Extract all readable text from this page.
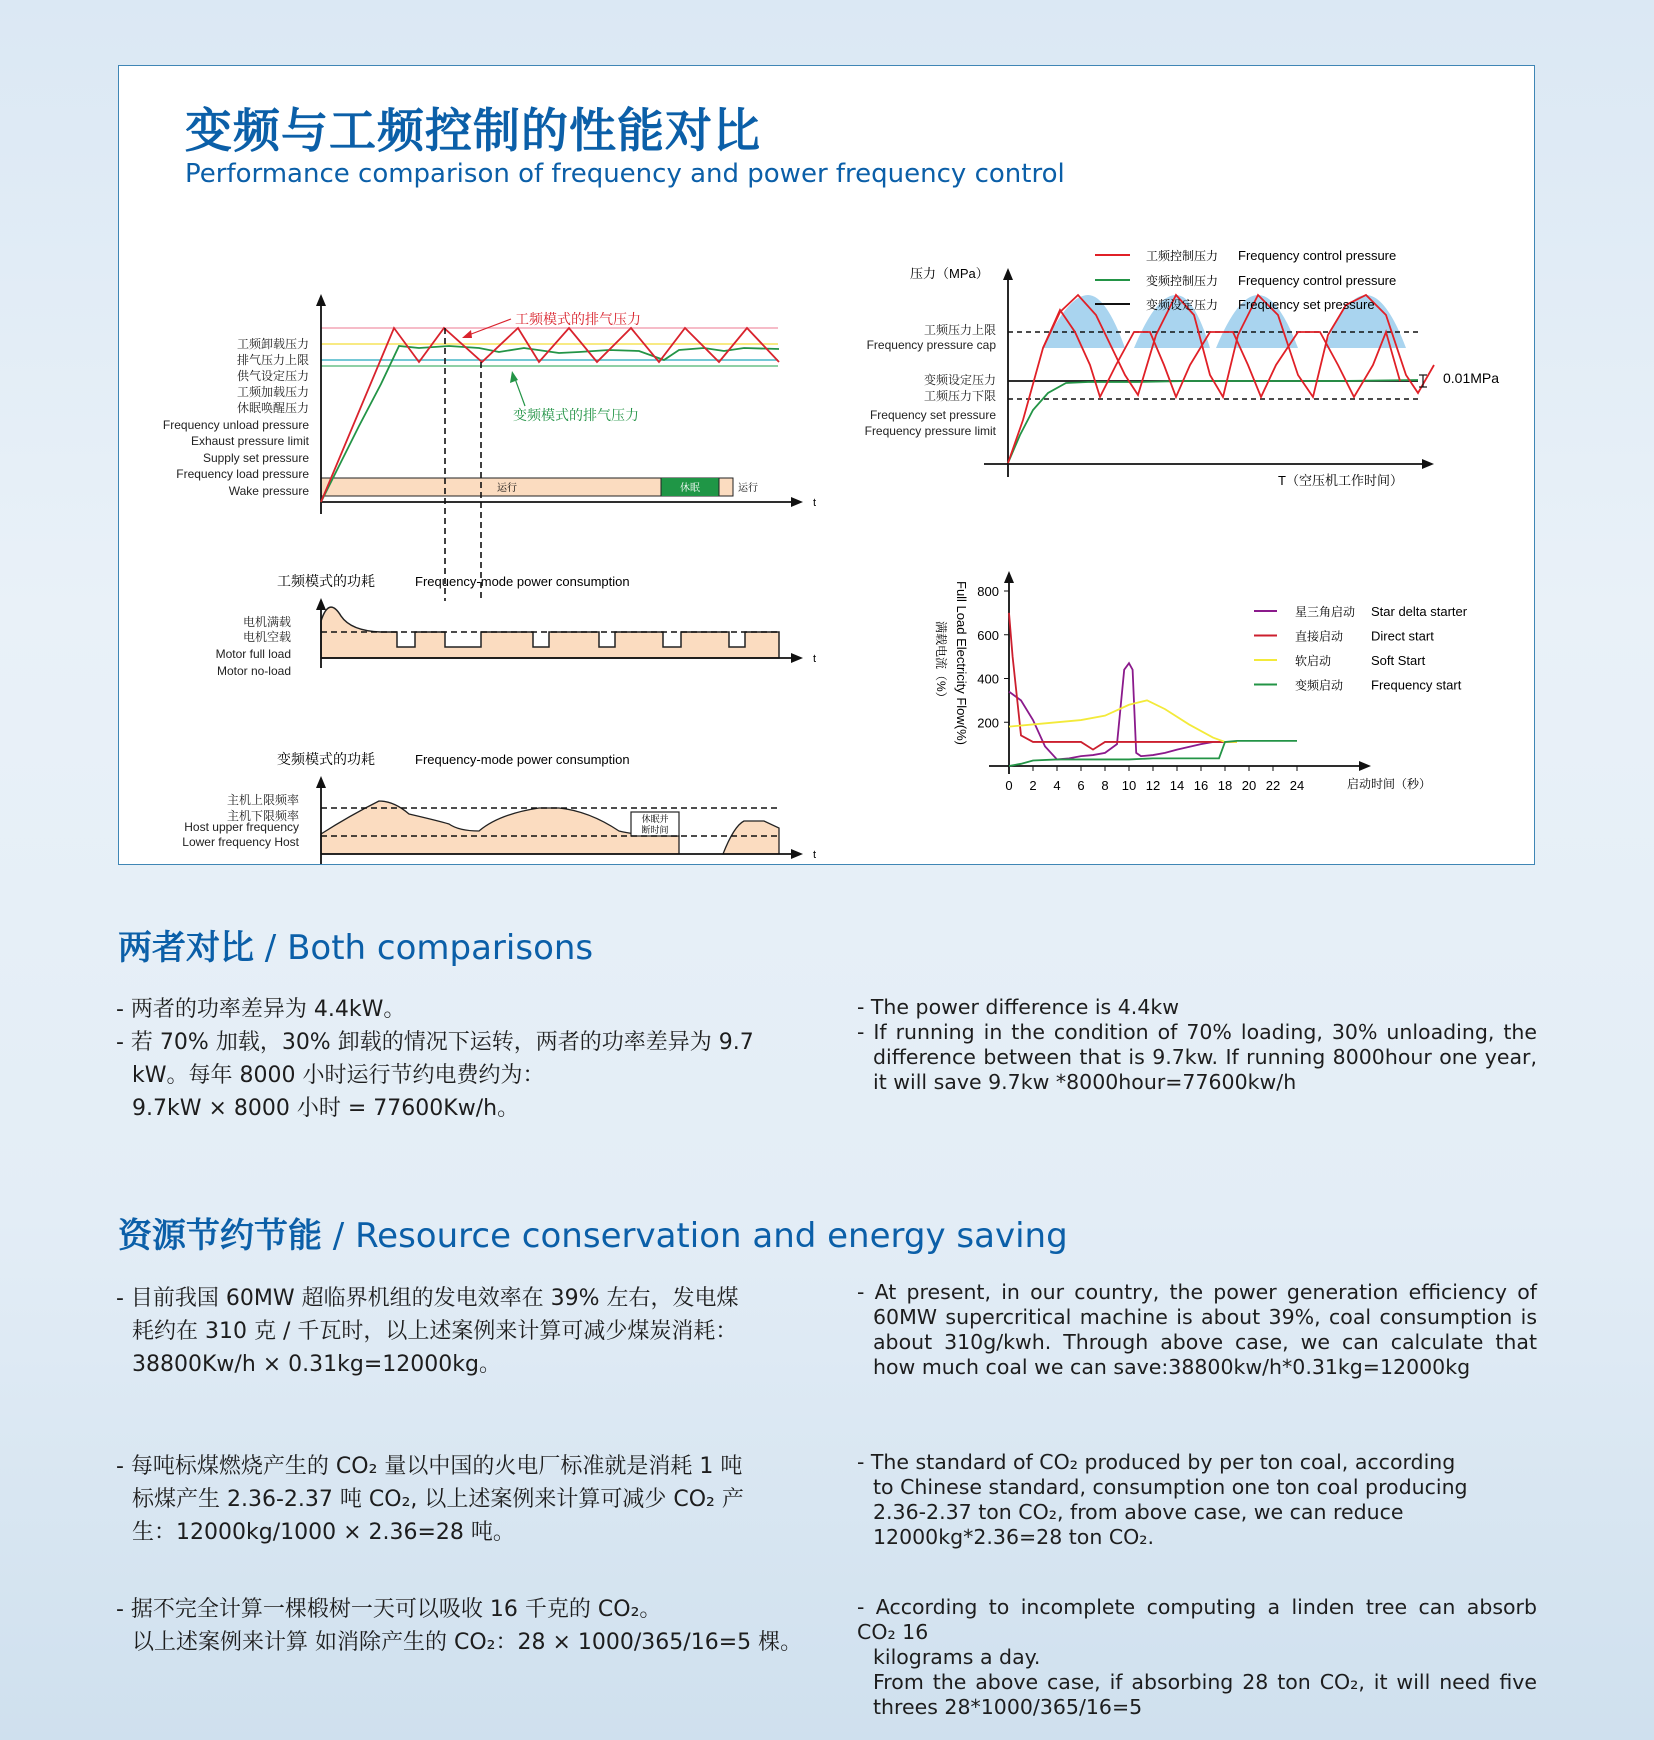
变频与工频控制的性能对比
Performance comparison of frequency and power frequency control
运行	休眠	运行
t
工频模式的排气压力
变频模式的排气压力
工频卸载压力
排气压力上限
供气设定压力
工频加载压力
休眠唤醒压力
Frequency unload pressure
Exhaust pressure limit
Supply set pressure
Frequency load pressure
Wake pressure
工频模式的功耗	Frequency-mode power consumption
t
电机满载
电机空载
Motor full load
Motor no-load
变频模式的功耗	Frequency-mode power consumption
休眠并
断时间
t
主机上限频率
主机下限频率
Host upper frequency
Lower frequency Host
0 2 4 6 8 10 12 14 16 18 20 22 24
200
400
600
800
启动时间（秒）
Full Load Electricity Flow(%)
满载电流（%）
星三角启动 Star delta starter
直接启动 Direct start
软启动	Soft Start
变频启动 Frequency start
工频压力上限
Frequency pressure cap
变频设定压力
工频压力下限
Frequency set pressure
Frequency pressure limit
压力（MPa）
T（空压机工作时间）
0.01MPa
工频控制压力 Frequency control pressure
变频控制压力 Frequency control pressure
变频设定压力 Frequency set pressure
两者对比 / Both comparisons
- 两者的功率差异为 4.4kW。
- 若 70% 加载，30% 卸载的情况下运转，两者的功率差异为 9.7
kW。每年 8000 小时运行节约电费约为：
9.7kW × 8000 小时 = 77600Kw/h。
- The power difference is 4.4kw
- If running in the condition of 70% loading, 30% unloading, the difference between that is 9.7kw. If running 8000hour one year, it will save 9.7kw *8000hour=77600kw/h
资源节约节能 / Resource conservation and energy saving
- 目前我国 60MW 超临界机组的发电效率在 39% 左右，发电煤
耗约在 310 克 / 千瓦时，以上述案例来计算可减少煤炭消耗：
38800Kw/h × 0.31kg=12000kg。
- At present, in our country, the power generation efficiency of 60MW supercritical machine is about 39%, coal consumption is about 310g/kwh. Through above case, we can calculate that how much coal we can save:38800kw/h*0.31kg=12000kg
- 每吨标煤燃烧产生的 CO₂ 量以中国的火电厂标准就是消耗 1 吨
标煤产生 2.36-2.37 吨 CO₂, 以上述案例来计算可减少 CO₂ 产
生：12000kg/1000 × 2.36=28 吨。
- The standard of CO₂ produced by per ton coal, according
to Chinese standard, consumption one ton coal producing
2.36-2.37 ton CO₂, from above case, we can reduce
12000kg*2.36=28 ton CO₂.
- 据不完全计算一棵椴树一天可以吸收 16 千克的 CO₂。
以上述案例来计算 如消除产生的 CO₂：28 × 1000/365/16=5 棵。
- According to incomplete computing a linden tree can absorb CO₂ 16
kilograms a day.
From the above case, if absorbing 28 ton CO₂, it will need five threes 28*1000/365/16=5
